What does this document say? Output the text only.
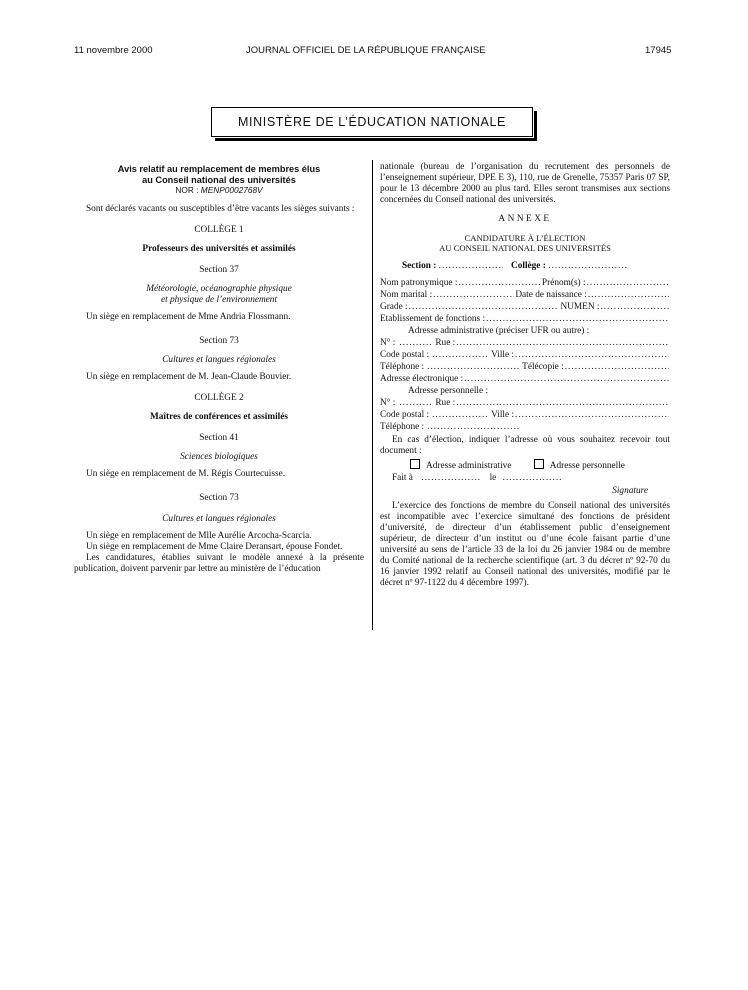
11 novembre 2000	JOURNAL OFFICIEL DE LA RÉPUBLIQUE FRANÇAISE	17945
MINISTÈRE DE L’ÉDUCATION NATIONALE
Avis relatif au remplacement de membres élus
au Conseil national des universités
NOR : MENP0002768V
Sont déclarés vacants ou susceptibles d’être vacants les sièges suivants :
COLLÈGE 1
Professeurs des universités et assimilés
Section 37
Météorologie, océanographie physique
et physique de l’environnement
Un siège en remplacement de Mme Andria Flossmann.
Section 73
Cultures et langues régionales
Un siège en remplacement de M. Jean-Claude Bouvier.
COLLÈGE 2
Maîtres de conférences et assimilés
Section 41
Sciences biologiques
Un siège en remplacement de M. Régis Courtecuisse.
Section 73
Cultures et langues régionales
Un siège en remplacement de Mlle Aurélie Arcocha-Scarcia.
Un siège en remplacement de Mme Claire Deransart, épouse Fondet.
Les candidatures, établies suivant le modèle annexé à la présente publication, doivent parvenir par lettre au ministère de l’éducation
nationale (bureau de l’organisation du recrutement des personnels de l’enseignement supérieur, DPE E 3), 110, rue de Grenelle, 75357 Paris 07 SP, pour le 13 décembre 2000 au plus tard. Elles seront transmises aux sections concernées du Conseil national des universités.
ANNEXE
CANDIDATURE À L’ÉLECTION
AU CONSEIL NATIONAL DES UNIVERSITÉS
Section : .....	Collège : .....
Nom patronymique : .....	Prénom(s) :
.....
Nom marital : .....	Date de naissance :
.....
Grade : .....	NUMEN :
.....
Etablissement de fonctions :
.....
Adresse administrative (préciser UFR ou autre) :
N° : .....	Rue :
.....
Code postal : .....	Ville :
.....
Téléphone : .....	Télécopie :
.....
Adresse électronique :
.....
Adresse personnelle :
N° : .....	Rue :
.....
Code postal : .....	Ville :
.....
Téléphone :
.....
En cas d’élection, indiquer l’adresse où vous souhaitez recevoir tout document :
Adresse administrative	Adresse personnelle
Fait à .....	le .....
Signature
L’exercice des fonctions de membre du Conseil national des universités est incompatible avec l’exercice simultané des fonctions de président d’université, de directeur d’un établissement public d’enseignement supérieur, de directeur d’un institut ou d’une école faisant partie d’une université au sens de l’article 33 de la loi du 26 janvier 1984 ou de membre du Comité national de la recherche scientifique (art. 3 du décret nº 92-70 du 16 janvier 1992 relatif au Conseil national des universités, modifié par le décret nº 97-1122 du 4 décembre 1997).
